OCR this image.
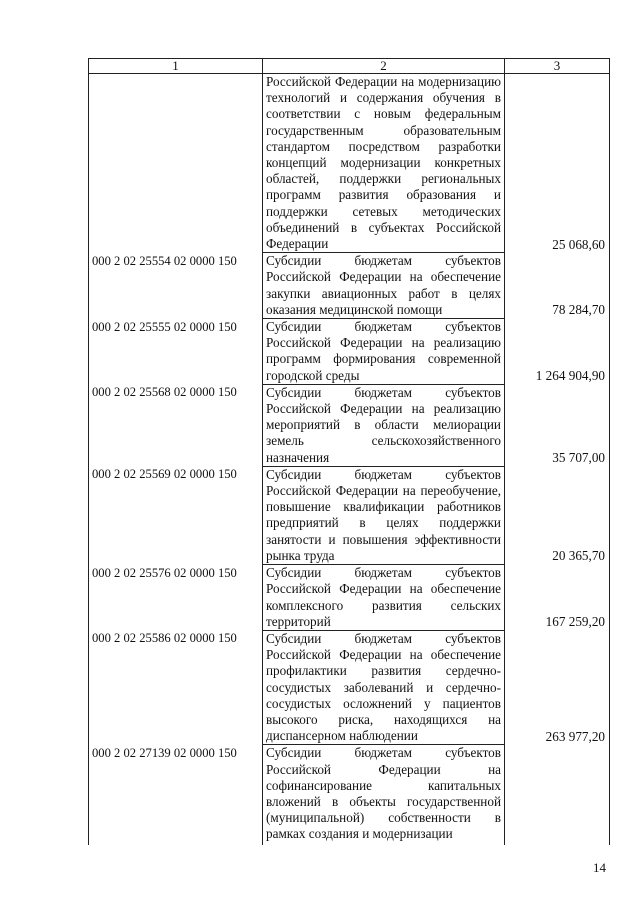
1	2	3
	Российской Федерации на модернизацию технологий и содержания обучения в соответствии с новым федеральным государственным образовательным стандартом посредством разработки концепций модернизации конкретных областей, поддержки региональных программ развития образования и поддержки сетевых методических объединений в субъектах Российской Федерации	25 068,60
000 2 02 25554 02 0000 150	Субсидии бюджетам субъектов Российской Федерации на обеспечение закупки авиационных работ в целях оказания медицинской помощи	78 284,70
000 2 02 25555 02 0000 150	Субсидии бюджетам субъектов Российской Федерации на реализацию программ формирования современной городской среды	1 264 904,90
000 2 02 25568 02 0000 150	Субсидии бюджетам субъектов Российской Федерации на реализацию мероприятий в области мелиорации земель сельскохозяйственного назначения	35 707,00
000 2 02 25569 02 0000 150	Субсидии бюджетам субъектов Российской Федерации на переобучение, повышение квалификации работников предприятий в целях поддержки занятости и повышения эффективности рынка труда	20 365,70
000 2 02 25576 02 0000 150	Субсидии бюджетам субъектов Российской Федерации на обеспечение комплексного развития сельских территорий	167 259,20
000 2 02 25586 02 0000 150	Субсидии бюджетам субъектов Российской Федерации на обеспечение профилактики развития сердечно-сосудистых заболеваний и сердечно-сосудистых осложнений у пациентов высокого риска, находящихся на диспансерном наблюдении	263 977,20
000 2 02 27139 02 0000 150	Субсидии бюджетам субъектов Российской Федерации на софинансирование капитальных вложений в объекты государственной (муниципальной) собственности в рамках создания и модернизации	

14
